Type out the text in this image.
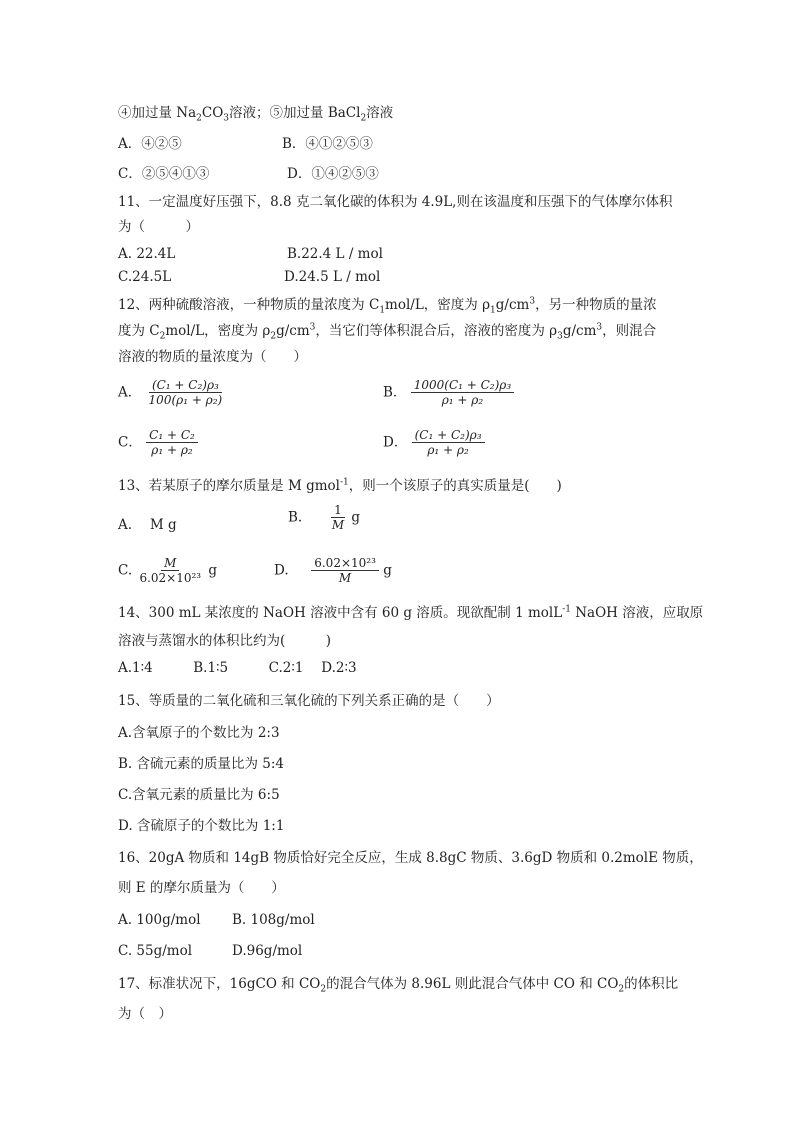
④加过量 $Na_2CO_3$溶液；⑤加过量 BaCl$_2$溶液
A．④②⑤	B．④①②⑤③
C．②⑤④①③	D．①④②⑤③
11、一定温度好压强下，8.8 克二氧化碳的体积为 4.9L,则在该温度和压强下的气体摩尔体积
为（　　　）
A. 22.4L	B.22.4 L / mol
C.24.5L	D.24.5 L / mol
12、两种硫酸溶液，一种物质的量浓度为 $C_1mol/L$，密度为 $\rho_1g/cm^3$，另一种物质的量浓
度为 $C_2mol/L$，密度为 $\rho_2g/cm^3$，当它们等体积混合后，溶液的密度为 $\rho_3g/cm^3$，则混合
溶液的物质的量浓度为（　　）
A． $\frac{\text{(C₁ + C₂)ρ₃}}{\text{100(ρ₁ + ρ₂)}}$	B． $\frac{\text{1000(C₁ + C₂)ρ₃}}{\text{ρ₁ + ρ₂}}$
C． $\frac{\text{C₁ + C₂}}{\text{ρ₁ + ρ₂}}$	D． $\frac{\text{(C₁ + C₂)ρ₃}}{\text{ρ₁ + ρ₂}}$
13、若某原子的摩尔质量是 M gmol$^{-1}$，则一个该原子的真实质量是(　　)
A.　 M g	B. $\frac{1}{M}$ g
C. $\frac{M}{\text{6.02×10²³}}$ g	D. $\frac{\text{6.02×10²³}}{M}$ g
14、300 mL 某浓度的 NaOH 溶液中含有 60 g 溶质。现欲配制 1 molL$^{-1}$ NaOH 溶液，应取原
溶液与蒸馏水的体积比约为(　　　)
A.1∶4　　　B.1∶5　　　C.2∶1　 D.2∶3
15、等质量的二氧化硫和三氧化硫的下列关系正确的是（　　）
A.含氧原子的个数比为 2:3
B. 含硫元素的质量比为 5:4
C.含氧元素的质量比为 6:5
D. 含硫原子的个数比为 1:1
16、20gA 物质和 14gB 物质恰好完全反应，生成 8.8gC 物质、3.6gD 物质和 0.2molE 物质，
则 E 的摩尔质量为（　　）
A. 100g/mol B. 108g/mol
C. 55g/mol	D.96g/mol
17、标准状况下，16gCO 和 $CO_2$的混合气体为 8.96L 则此混合气体中 CO 和 $CO_2$的体积比
为（　）
